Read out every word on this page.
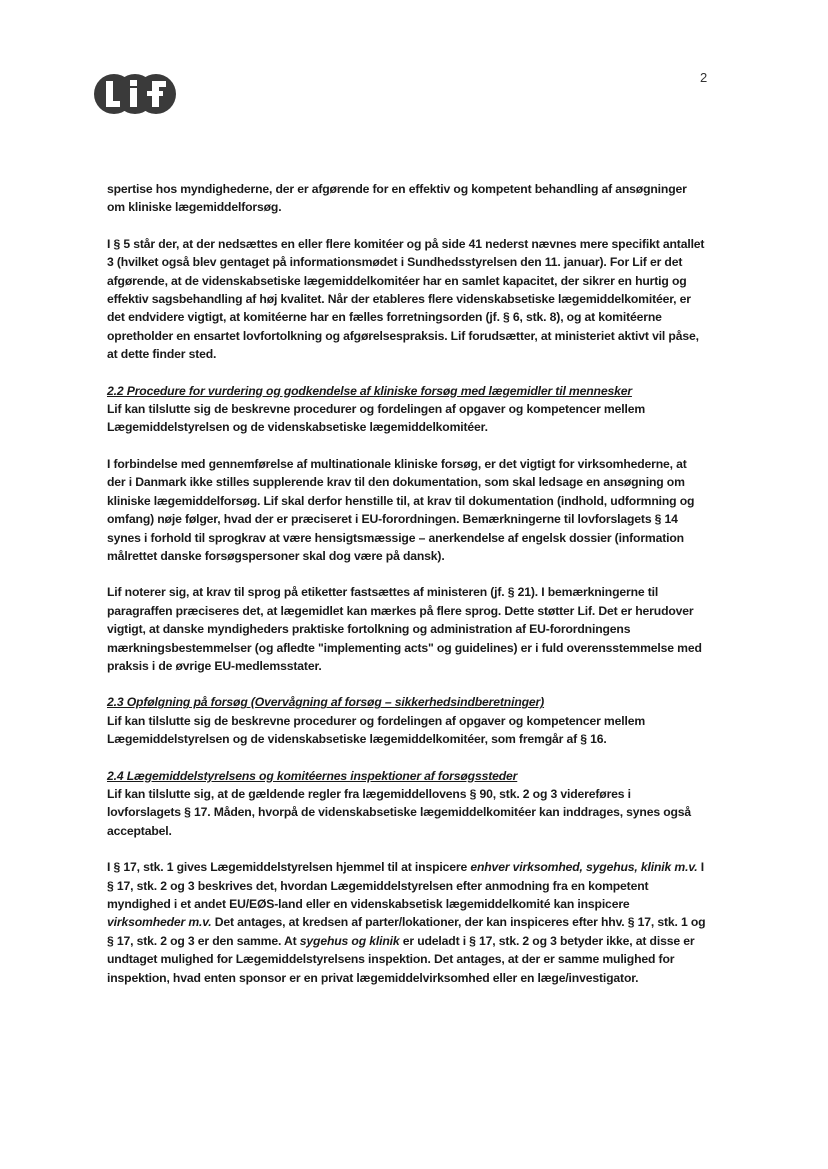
2

spertise hos myndighederne, der er afgørende for en effektiv og kompetent behandling af ansøgninger om kliniske lægemiddelforsøg.

I § 5 står der, at der nedsættes en eller flere komitéer og på side 41 nederst nævnes mere specifikt antallet 3 (hvilket også blev gentaget på informationsmødet i Sundhedsstyrelsen den 11. januar). For Lif er det afgørende, at de videnskabsetiske lægemiddelkomitéer har en samlet kapacitet, der sikrer en hurtig og effektiv sagsbehandling af høj kvalitet. Når der etableres flere videnskabsetiske lægemiddelkomitéer, er det endvidere vigtigt, at komitéerne har en fælles forretningsorden (jf. § 6, stk. 8), og at komitéerne opretholder en ensartet lovfortolkning og afgørelsespraksis. Lif forudsætter, at ministeriet aktivt vil påse, at dette finder sted.

2.2 Procedure for vurdering og godkendelse af kliniske forsøg med lægemidler til mennesker

Lif kan tilslutte sig de beskrevne procedurer og fordelingen af opgaver og kompetencer mellem Lægemiddelstyrelsen og de videnskabsetiske lægemiddelkomitéer.

I forbindelse med gennemførelse af multinationale kliniske forsøg, er det vigtigt for virksomhederne, at der i Danmark ikke stilles supplerende krav til den dokumentation, som skal ledsage en ansøgning om kliniske lægemiddelforsøg. Lif skal derfor henstille til, at krav til dokumentation (indhold, udformning og omfang) nøje følger, hvad der er præciseret i EU-forordningen. Bemærkningerne til lovforslagets § 14 synes i forhold til sprogkrav at være hensigtsmæssige – anerkendelse af engelsk dossier (information målrettet danske forsøgspersoner skal dog være på dansk).

Lif noterer sig, at krav til sprog på etiketter fastsættes af ministeren (jf. § 21). I bemærkningerne til paragraffen præciseres det, at lægemidlet kan mærkes på flere sprog. Dette støtter Lif. Det er herudover vigtigt, at danske myndigheders praktiske fortolkning og administration af EU-forordningens mærkningsbestemmelser (og afledte "implementing acts" og guidelines) er i fuld overensstemmelse med praksis i de øvrige EU-medlemsstater.

2.3 Opfølgning på forsøg (Overvågning af forsøg – sikkerhedsindberetninger)

Lif kan tilslutte sig de beskrevne procedurer og fordelingen af opgaver og kompetencer mellem Lægemiddelstyrelsen og de videnskabsetiske lægemiddelkomitéer, som fremgår af § 16.

2.4 Lægemiddelstyrelsens og komitéernes inspektioner af forsøgssteder

Lif kan tilslutte sig, at de gældende regler fra lægemiddellovens § 90, stk. 2 og 3 videreføres i lovforslagets § 17. Måden, hvorpå de videnskabsetiske lægemiddelkomitéer kan inddrages, synes også acceptabel.

I § 17, stk. 1 gives Lægemiddelstyrelsen hjemmel til at inspicere enhver virksomhed, sygehus, klinik m.v. I § 17, stk. 2 og 3 beskrives det, hvordan Lægemiddelstyrelsen efter anmodning fra en kompetent myndighed i et andet EU/EØS-land eller en videnskabsetisk lægemiddelkomité kan inspicere virksomheder m.v. Det antages, at kredsen af parter/lokationer, der kan inspiceres efter hhv. § 17, stk. 1 og § 17, stk. 2 og 3 er den samme. At sygehus og klinik er udeladt i § 17, stk. 2 og 3 betyder ikke, at disse er undtaget mulighed for Lægemiddelstyrelsens inspektion. Det antages, at der er samme mulighed for inspektion, hvad enten sponsor er en privat lægemiddelvirksomhed eller en læge/investigator.
